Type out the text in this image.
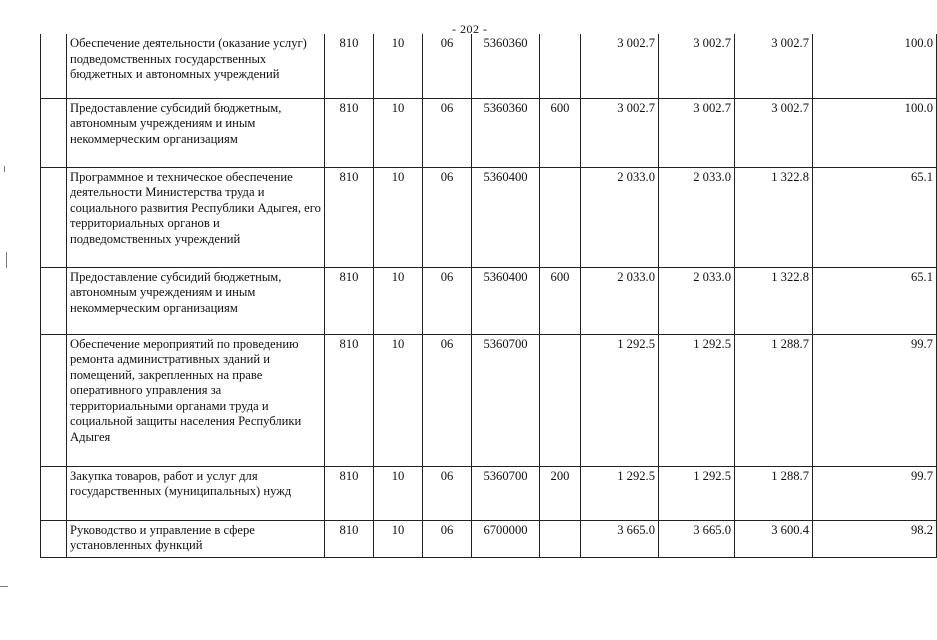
- 202 -
	Обеспечение деятельности (оказание услуг) подведомственных государственных бюджетных и автономных учреждений	810	10	06	5360360		3 002.7	3 002.7	3 002.7	100.0
	Предоставление субсидий бюджетным, автономным учреждениям и иным некоммерческим организациям	810	10	06	5360360	600	3 002.7	3 002.7	3 002.7	100.0
	Программное и техническое обеспечение деятельности Министерства труда и социального развития Республики Адыгея, его территориальных органов и подведомственных учреждений	810	10	06	5360400		2 033.0	2 033.0	1 322.8	65.1
	Предоставление субсидий бюджетным, автономным учреждениям и иным некоммерческим организациям	810	10	06	5360400	600	2 033.0	2 033.0	1 322.8	65.1
	Обеспечение мероприятий по проведению ремонта административных зданий и помещений, закрепленных на праве оперативного управления за территориальными органами труда и социальной защиты населения Республики Адыгея	810	10	06	5360700		1 292.5	1 292.5	1 288.7	99.7
	Закупка товаров, работ и услуг для государственных (муниципальных) нужд	810	10	06	5360700	200	1 292.5	1 292.5	1 288.7	99.7
	Руководство и управление в сфере установленных функций	810	10	06	6700000		3 665.0	3 665.0	3 600.4	98.2
